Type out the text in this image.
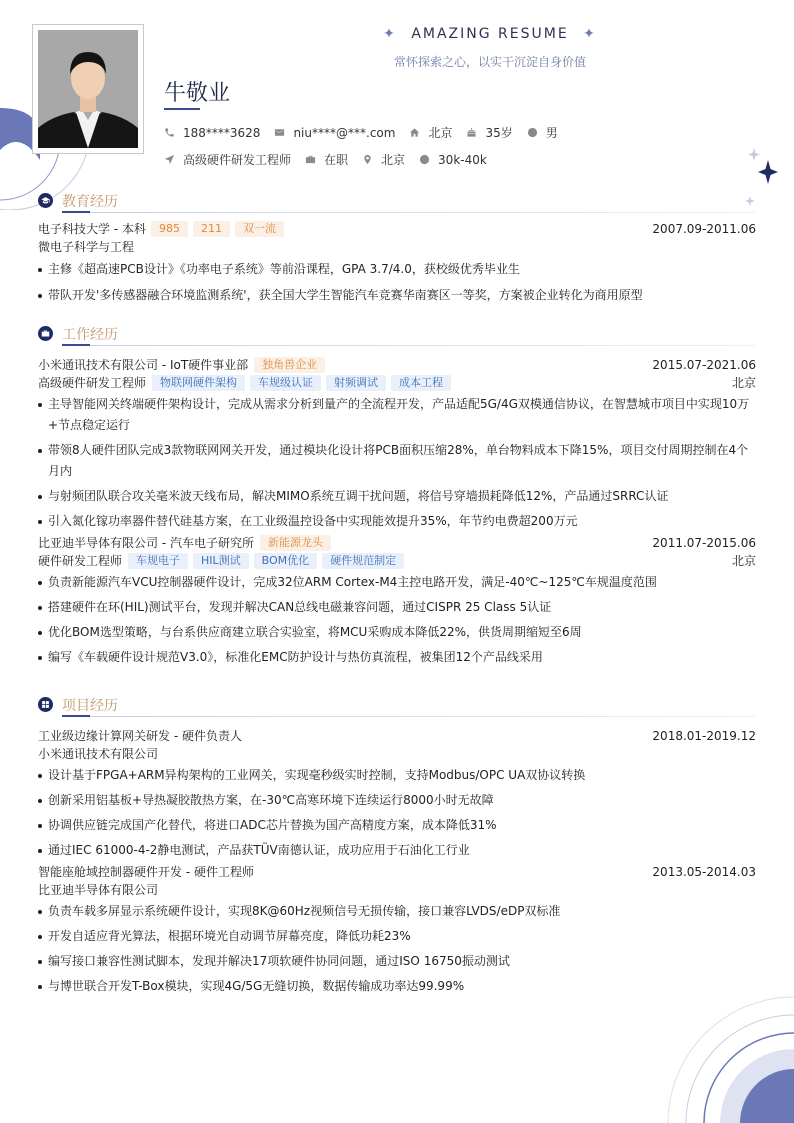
✦ AMAZING RESUME ✦
常怀探索之心，以实干沉淀自身价值
牛敬业
188****3628	niu****@***.com	北京	35岁	男
高级硬件研发工程师	在职	北京	30k-40k
教育经历
电子科技大学 - 本科	985	211	双一流	2007.09-2011.06
微电子科学与工程
主修《超高速PCB设计》《功率电子系统》等前沿课程，GPA 3.7/4.0，获校级优秀毕业生
带队开发'多传感器融合环境监测系统'，获全国大学生智能汽车竞赛华南赛区一等奖，方案被企业转化为商用原型
工作经历
小米通讯技术有限公司 - IoT硬件事业部	独角兽企业	2015.07-2021.06
高级硬件研发工程师	物联网硬件架构	车规级认证	射频调试	成本工程	北京
主导智能网关终端硬件架构设计，完成从需求分析到量产的全流程开发，产品适配5G/4G双模通信协议，在智慧城市项目中实现10万+节点稳定运行
带领8人硬件团队完成3款物联网网关开发，通过模块化设计将PCB面积压缩28%，单台物料成本下降15%，项目交付周期控制在4个月内
与射频团队联合攻关毫米波天线布局，解决MIMO系统互调干扰问题，将信号穿墙损耗降低12%，产品通过SRRC认证
引入氮化镓功率器件替代硅基方案，在工业级温控设备中实现能效提升35%，年节约电费超200万元
比亚迪半导体有限公司 - 汽车电子研究所	新能源龙头	2011.07-2015.06
硬件研发工程师	车规电子	HIL测试	BOM优化	硬件规范制定	北京
负责新能源汽车VCU控制器硬件设计，完成32位ARM Cortex-M4主控电路开发，满足-40℃~125℃车规温度范围
搭建硬件在环(HIL)测试平台，发现并解决CAN总线电磁兼容问题，通过CISPR 25 Class 5认证
优化BOM选型策略，与台系供应商建立联合实验室，将MCU采购成本降低22%，供货周期缩短至6周
编写《车载硬件设计规范V3.0》，标准化EMC防护设计与热仿真流程，被集团12个产品线采用
项目经历
工业级边缘计算网关研发 - 硬件负责人	2018.01-2019.12
小米通讯技术有限公司
设计基于FPGA+ARM异构架构的工业网关，实现毫秒级实时控制，支持Modbus/OPC UA双协议转换
创新采用铝基板+导热凝胶散热方案，在-30℃高寒环境下连续运行8000小时无故障
协调供应链完成国产化替代，将进口ADC芯片替换为国产高精度方案，成本降低31%
通过IEC 61000-4-2静电测试，产品获TÜV南德认证，成功应用于石油化工行业
智能座舱域控制器硬件开发 - 硬件工程师	2013.05-2014.03
比亚迪半导体有限公司
负责车载多屏显示系统硬件设计，实现8K@60Hz视频信号无损传输，接口兼容LVDS/eDP双标准
开发自适应背光算法，根据环境光自动调节屏幕亮度，降低功耗23%
编写接口兼容性测试脚本，发现并解决17项软硬件协同问题，通过ISO 16750振动测试
与博世联合开发T-Box模块，实现4G/5G无缝切换，数据传输成功率达99.99%
